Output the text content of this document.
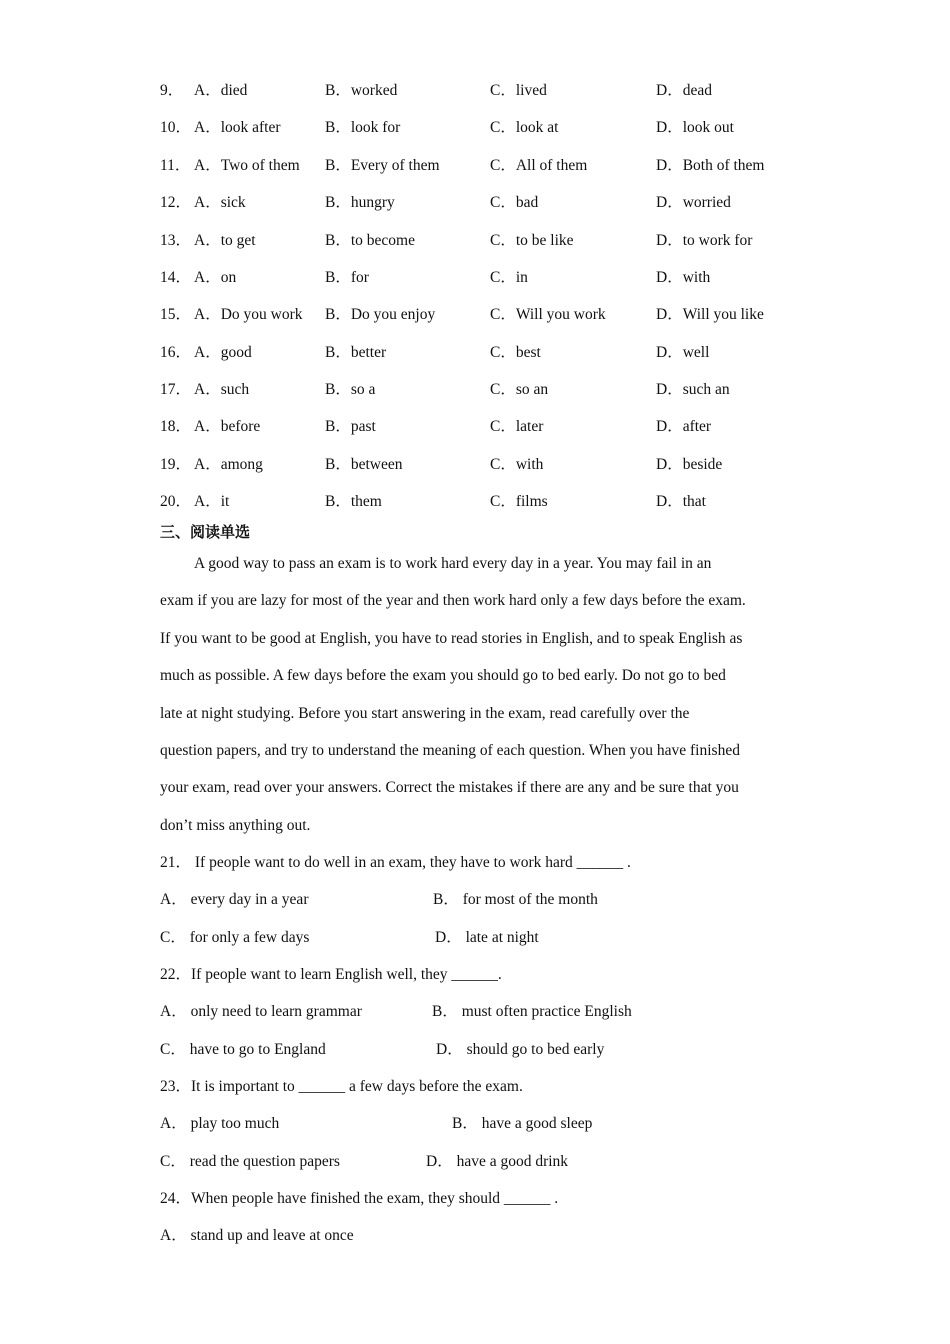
9． A．died	B．worked	C．lived	D．dead
10． A．look after	B．look for	C．look at	D．look out
11． A．Two of them B．Every of them	C．All of them	D．Both of them
12． A．sick	B．hungry	C．bad	D．worried
13． A．to get	B．to become	C．to be like	D．to work for
14． A．on	B．for	C．in	D．with
15． A．Do you work B．Do you enjoy	C．Will you work	D．Will you like
16． A．good	B．better	C．best	D．well
17． A．such	B．so a	C．so an	D．such an
18． A．before	B．past	C．later	D．after
19． A．among	B．between	C．with	D．beside
20． A．it	B．them	C．films	D．that
三、阅读单选
A good way to pass an exam is to work hard every day in a year. You may fail in an
exam if you are lazy for most of the year and then work hard only a few days before the exam.
If you want to be good at English, you have to read stories in English, and to speak English as
much as possible. A few days before the exam you should go to bed early. Do not go to bed
late at night studying. Before you start answering in the exam, read carefully over the
question papers, and try to understand the meaning of each question. When you have finished
your exam, read over your answers. Correct the mistakes if there are any and be sure that you
don’t miss anything out.
21． If people want to do well in an exam, they have to work hard ______ .
A． every day in a year	B． for most of the month
C． for only a few days	D． late at night
22．If people want to learn English well, they ______.
A． only need to learn grammar	B． must often practice English
C． have to go to England	D． should go to bed early
23．It is important to ______ a few days before the exam.
A． play too much	B． have a good sleep
C． read the question papers	D． have a good drink
24．When people have finished the exam, they should ______ .
A． stand up and leave at once
